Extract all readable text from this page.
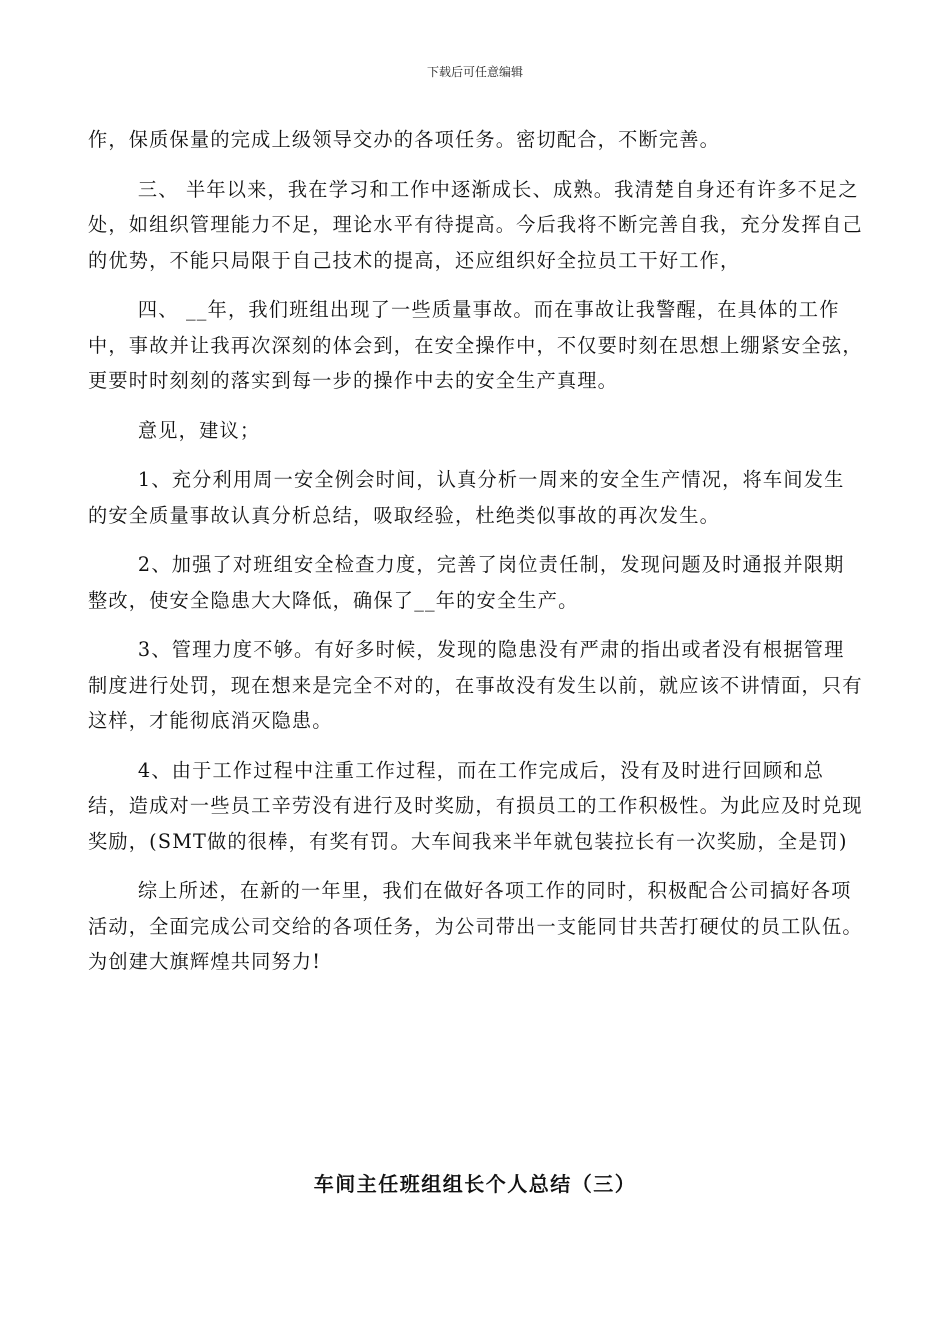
下载后可任意编辑

作，保质保量的完成上级领导交办的各项任务。密切配合，不断完善。

三、 半年以来，我在学习和工作中逐渐成长、成熟。我清楚自身还有许多不足之处，如组织管理能力不足，理论水平有待提高。今后我将不断完善自我，充分发挥自己的优势，不能只局限于自己技术的提高，还应组织好全拉员工干好工作，

四、 __年，我们班组出现了一些质量事故。而在事故让我警醒，在具体的工作中，事故并让我再次深刻的体会到，在安全操作中，不仅要时刻在思想上绷紧安全弦，更要时时刻刻的落实到每一步的操作中去的安全生产真理。

意见，建议；

1、充分利用周一安全例会时间，认真分析一周来的安全生产情况，将车间发生的安全质量事故认真分析总结，吸取经验，杜绝类似事故的再次发生。

2、加强了对班组安全检查力度，完善了岗位责任制，发现问题及时通报并限期整改，使安全隐患大大降低，确保了__年的安全生产。

3、管理力度不够。有好多时候，发现的隐患没有严肃的指出或者没有根据管理制度进行处罚，现在想来是完全不对的，在事故没有发生以前，就应该不讲情面，只有这样，才能彻底消灭隐患。

4、由于工作过程中注重工作过程，而在工作完成后，没有及时进行回顾和总结，造成对一些员工辛劳没有进行及时奖励，有损员工的工作积极性。为此应及时兑现奖励，(SMT做的很棒，有奖有罚。大车间我来半年就包装拉长有一次奖励，全是罚)

综上所述，在新的一年里，我们在做好各项工作的同时，积极配合公司搞好各项活动，全面完成公司交给的各项任务，为公司带出一支能同甘共苦打硬仗的员工队伍。为创建大旗辉煌共同努力!

车间主任班组组长个人总结（三）
